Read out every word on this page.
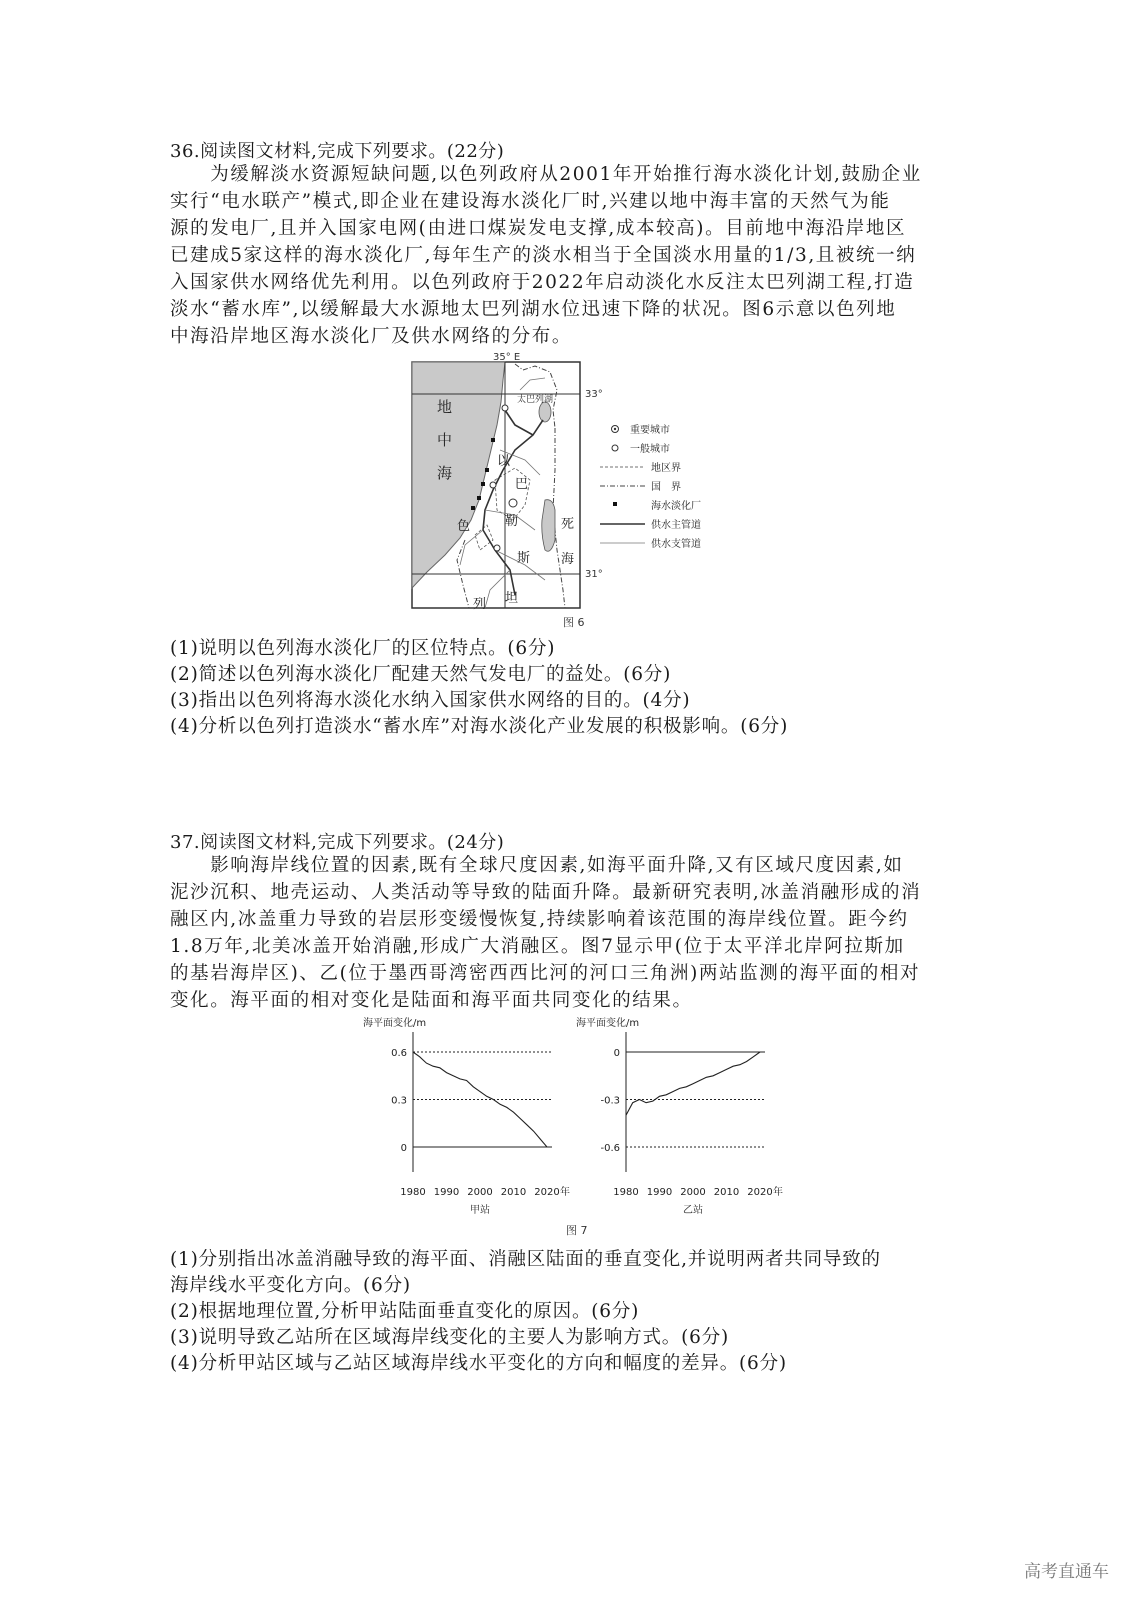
36.阅读图文材料,完成下列要求。(22分)
　　为缓解淡水资源短缺问题,以色列政府从2001年开始推行海水淡化计划,鼓励企业
实行“电水联产”模式,即企业在建设海水淡化厂时,兴建以地中海丰富的天然气为能
源的发电厂,且并入国家电网(由进口煤炭发电支撑,成本较高)。目前地中海沿岸地区
已建成5家这样的海水淡化厂,每年生产的淡水相当于全国淡水用量的1/3,且被统一纳
入国家供水网络优先利用。以色列政府于2022年启动淡化水反注太巴列湖工程,打造
淡水“蓄水库”,以缓解最大水源地太巴列湖水位迅速下降的状况。图6示意以色列地
中海沿岸地区海水淡化厂及供水网络的分布。
35° E
33°
31°
地
中
海
太巴列湖
以
色
列
巴
勒
斯
坦
死
海
重要城市
一般城市
地区界
国　界
海水淡化厂
供水主管道
供水支管道
图 6
(1)说明以色列海水淡化厂的区位特点。(6分)
(2)简述以色列海水淡化厂配建天然气发电厂的益处。(6分)
(3)指出以色列将海水淡化水纳入国家供水网络的目的。(4分)
(4)分析以色列打造淡水“蓄水库”对海水淡化产业发展的积极影响。(6分)
37.阅读图文材料,完成下列要求。(24分)
　　影响海岸线位置的因素,既有全球尺度因素,如海平面升降,又有区域尺度因素,如
泥沙沉积、地壳运动、人类活动等导致的陆面升降。最新研究表明,冰盖消融形成的消
融区内,冰盖重力导致的岩层形变缓慢恢复,持续影响着该范围的海岸线位置。距今约
1.8万年,北美冰盖开始消融,形成广大消融区。图7显示甲(位于太平洋北岸阿拉斯加
的基岩海岸区)、乙(位于墨西哥湾密西西比河的河口三角洲)两站监测的海平面的相对
变化。海平面的相对变化是陆面和海平面共同变化的结果。
海平面变化/m
0
0.3
0.6
1980 1990 2000 2010 2020 年
甲站
海平面变化/m
0
-0.3
-0.6
1980 1990 2000 2010 2020 年
乙站
图 7
(1)分别指出冰盖消融导致的海平面、消融区陆面的垂直变化,并说明两者共同导致的
海岸线水平变化方向。(6分)
(2)根据地理位置,分析甲站陆面垂直变化的原因。(6分)
(3)说明导致乙站所在区域海岸线变化的主要人为影响方式。(6分)
(4)分析甲站区域与乙站区域海岸线水平变化的方向和幅度的差异。(6分)
高考直通车
